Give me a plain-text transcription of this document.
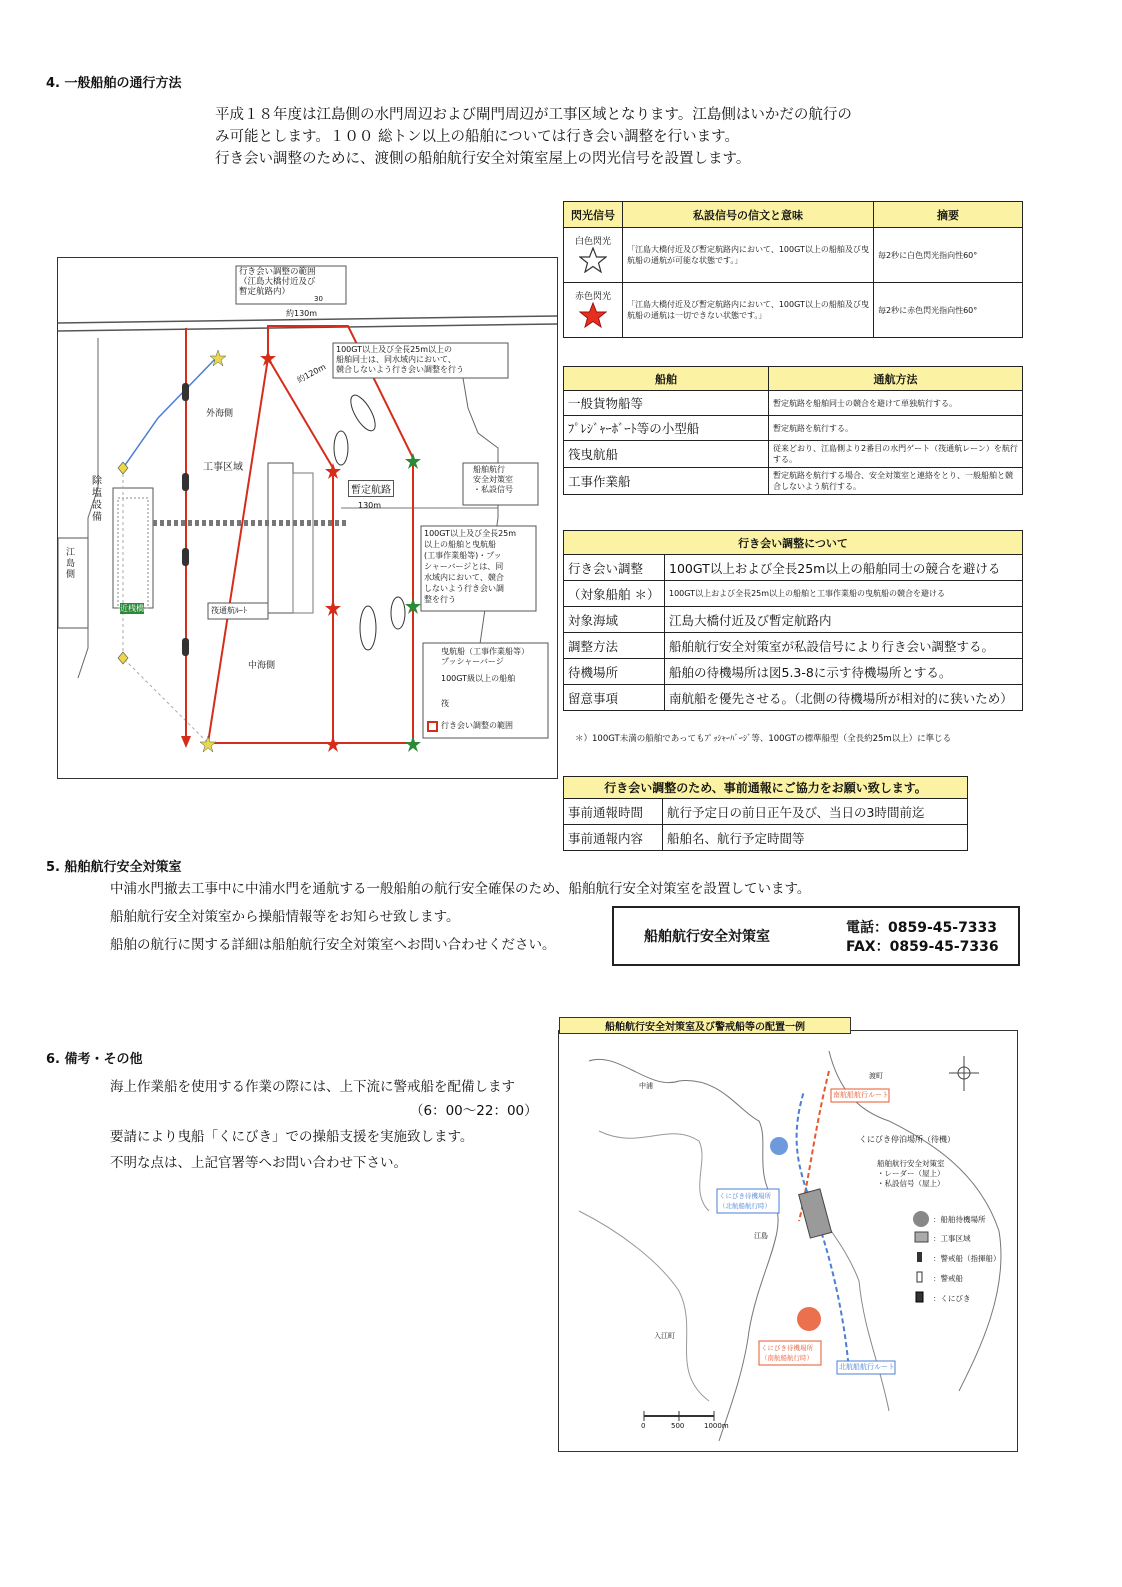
4. 一般船舶の通行方法
平成１８年度は江島側の水門周辺および閘門周辺が工事区域となります。江島側はいかだの航行の
み可能とします。１００ 総トン以上の船舶については行き会い調整を行います。
行き会い調整のために、渡側の船舶航行安全対策室屋上の閃光信号を設置します。
閃光信号	私設信号の信文と意味	摘要

白色閃光	「江島大橋付近及び暫定航路内において、100GT以上の船舶及び曳航船の通航が可能な状態です。」	毎2秒に白色閃光指向性60°

赤色閃光	「江島大橋付近及び暫定航路内において、100GT以上の船舶及び曳航船の通航は一切できない状態です。」	毎2秒に赤色閃光指向性60°
船舶	通航方法
一般貨物船等	暫定航路を船舶同士の競合を避けて単独航行する。
ﾌﾟﾚｼﾞｬｰﾎﾞｰﾄ等の小型船	暫定航路を航行する。
筏曳航船	従来どおり、江島側より2番目の水門ゲート（筏通航レーン）を航行する。
工事作業船	暫定航路を航行する場合、安全対策室と連絡をとり、一般船舶と競合しないよう航行する。
行き会い調整について	
行き会い調整	100GT以上および全長25m以上の船舶同士の競合を避ける
（対象船舶 ＊）	100GT以上および全長25m以上の船舶と工事作業船の曳航船の競合を避ける
対象海域	江島大橋付近及び暫定航路内
調整方法	船舶航行安全対策室が私設信号により行き会い調整する。
待機場所	船舶の待機場所は図5.3-8に示す待機場所とする。
留意事項	南航船を優先させる。（北側の待機場所が相対的に狭いため）
＊）100GT未満の船舶であってもﾌﾟｯｼｬｰﾊﾞｰｼﾞ等、100GTの標準船型（全長約25m以上）に準じる
行き会い調整のため、事前通報にご協力をお願い致します。	
事前通報時間	航行予定日の前日正午及び、当日の3時間前迄
事前通報内容	船舶名、航行予定時間等
行き会い調整の範囲
（江島大橋付近及び
暫定航路内）
約130m
30
約120m
100GT以上及び全長25m以上の
船舶同士は、同水域内において、
競合しないよう行き会い調整を行う
外海側
工事区域
暫定航路
130m
除塩設備
江島側
近桟橋	筏通航ﾙｰﾄ
中海側
船舶航行
安全対策室
・私設信号
100GT以上及び全長25m
以上の船舶と曳航船
(工事作業船等)・プッ
シャーバージとは、同
水域内において、競合
しないよう行き会い調
整を行う
曳航船（工事作業船等）
プッシャーバージ
100GT級以上の船舶
筏
行き会い調整の範囲
5. 船舶航行安全対策室
中浦水門撤去工事中に中浦水門を通航する一般船舶の航行安全確保のため、船舶航行安全対策室を設置しています。
船舶航行安全対策室から操船情報等をお知らせ致します。
船舶の航行に関する詳細は船舶航行安全対策室へお問い合わせください。	船舶航行安全対策室
電話：0859-45-7333
FAX：0859-45-7336
6. 備考・その他
海上作業船を使用する作業の際には、上下流に警戒船を配備します
（6：00～22：00）
要請により曳船「くにびき」での操船支援を実施致します。
不明な点は、上記官署等へお問い合わせ下さい。
船舶航行安全対策室及び警戒船等の配置一例
南航船航行ルート
北航船航行ルート
くにびき停泊場所（待機）
船舶航行安全対策室
・レーダー（屋上）
・私設信号（屋上）
くにびき待機場所
（北航船航行時）
くにびき待機場所
（南航船航行時）
江島
入江町
渡町
中浦
：船舶待機場所
：工事区域
：警戒船（指揮船）
：警戒船
：くにびき
0	500	1000m
